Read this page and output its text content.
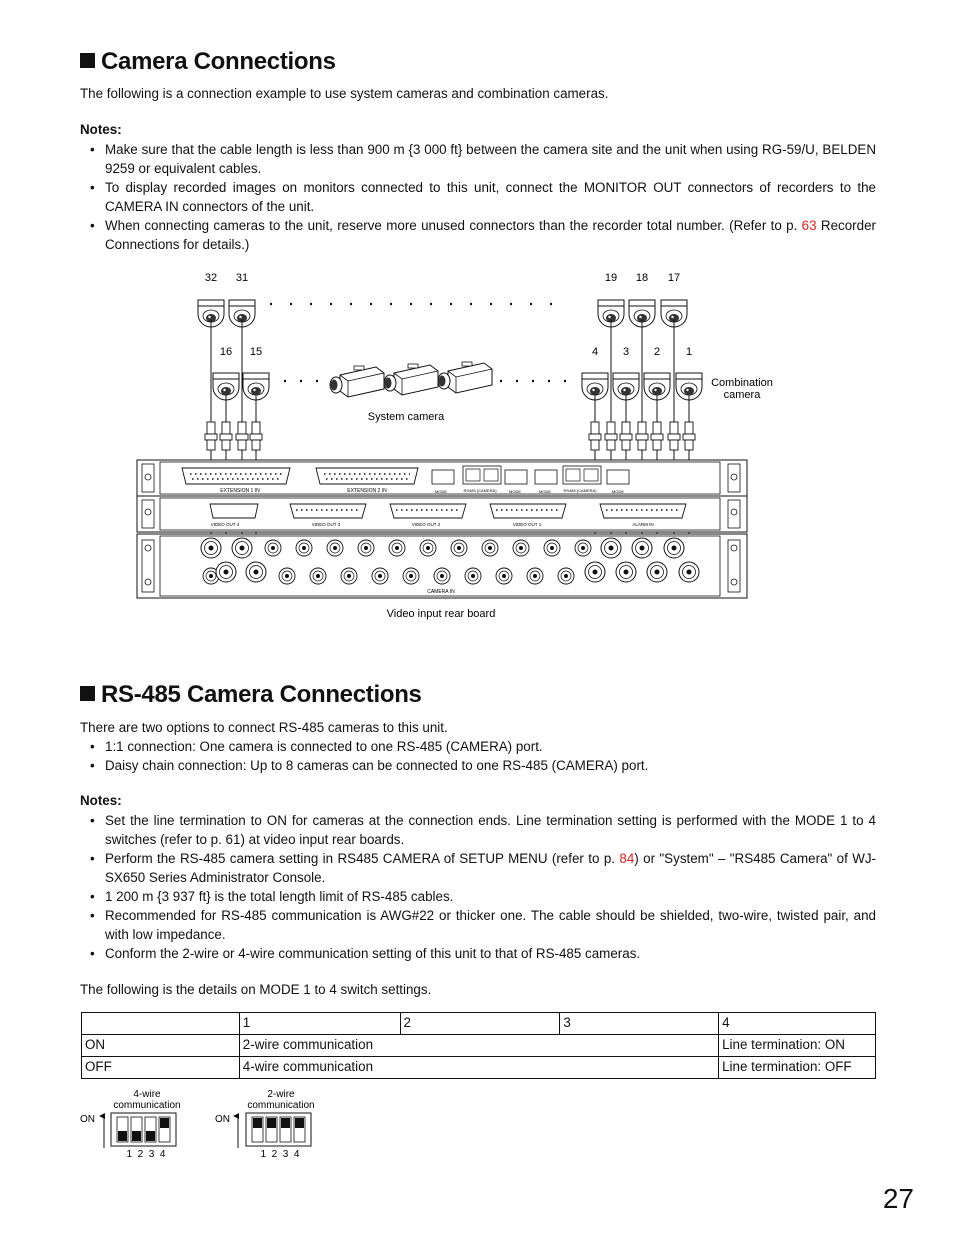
Camera Connections
The following is a connection example to use system cameras and combination cameras.
Notes:
• Make sure that the cable length is less than 900 m {3 000 ft} between the camera site and the unit when using RG-59/U, BELDEN 9259 or equivalent cables.
• To display recorded images on monitors connected to this unit, connect the MONITOR OUT connectors of recorders to the CAMERA IN connectors of the unit.
• When connecting cameras to the unit, reserve more unused connectors than the recorder total number. (Refer to p. 63 Recorder Connections for details.)
32 31	19 18 17
16 15	4 3 2 1
Combination
camera
System camera
Video input rear board
EXTENSION 1 IN	EXTENSION 2 IN	MODE	RS485 (CAMERA)	MODE	MODE	RS485 (CAMERA)	MODE
VIDEO OUT 4	VIDEO OUT 3	VIDEO OUT 2	VIDEO OUT 1	ALARM IN
CAMERA IN
RS-485 Camera Connections
There are two options to connect RS-485 cameras to this unit.
• 1:1 connection: One camera is connected to one RS-485 (CAMERA) port.
• Daisy chain connection: Up to 8 cameras can be connected to one RS-485 (CAMERA) port.
Notes:
• Set the line termination to ON for cameras at the connection ends. Line termination setting is performed with the MODE 1 to 4 switches (refer to p. 61) at video input rear boards.
• Perform the RS-485 camera setting in RS485 CAMERA of SETUP MENU (refer to p. 84) or "System" – "RS485 Camera" of WJ-SX650 Series Administrator Console.
• 1 200 m {3 937 ft} is the total length limit of RS-485 cables.
• Recommended for RS-485 communication is AWG#22 or thicker one. The cable should be shielded, two-wire, twisted pair, and with low impedance.
• Conform the 2-wire or 4-wire communication setting of this unit to that of RS-485 cameras.
The following is the details on MODE 1 to 4 switch settings.
	1	2	3	4
ON	2-wire communication			Line termination: ON
OFF	4-wire communication			Line termination: OFF
4-wire
communication
ON
1  2  3  4
2-wire
communication
ON
1  2  3  4
27
